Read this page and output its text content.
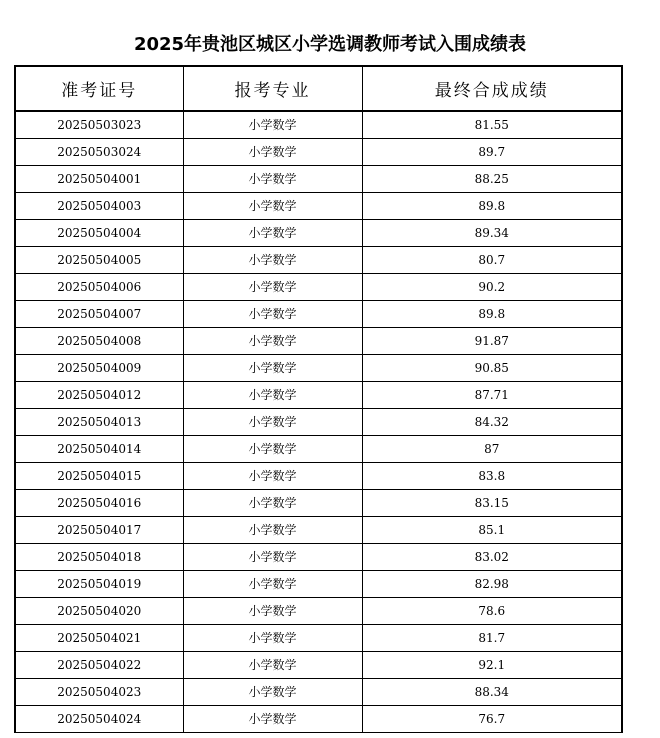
2025年贵池区城区小学选调教师考试入围成绩表
准考证号	报考专业	最终合成成绩
20250503023	小学数学	81.55
20250503024	小学数学	89.7
20250504001	小学数学	88.25
20250504003	小学数学	89.8
20250504004	小学数学	89.34
20250504005	小学数学	80.7
20250504006	小学数学	90.2
20250504007	小学数学	89.8
20250504008	小学数学	91.87
20250504009	小学数学	90.85
20250504012	小学数学	87.71
20250504013	小学数学	84.32
20250504014	小学数学	87
20250504015	小学数学	83.8
20250504016	小学数学	83.15
20250504017	小学数学	85.1
20250504018	小学数学	83.02
20250504019	小学数学	82.98
20250504020	小学数学	78.6
20250504021	小学数学	81.7
20250504022	小学数学	92.1
20250504023	小学数学	88.34
20250504024	小学数学	76.7
